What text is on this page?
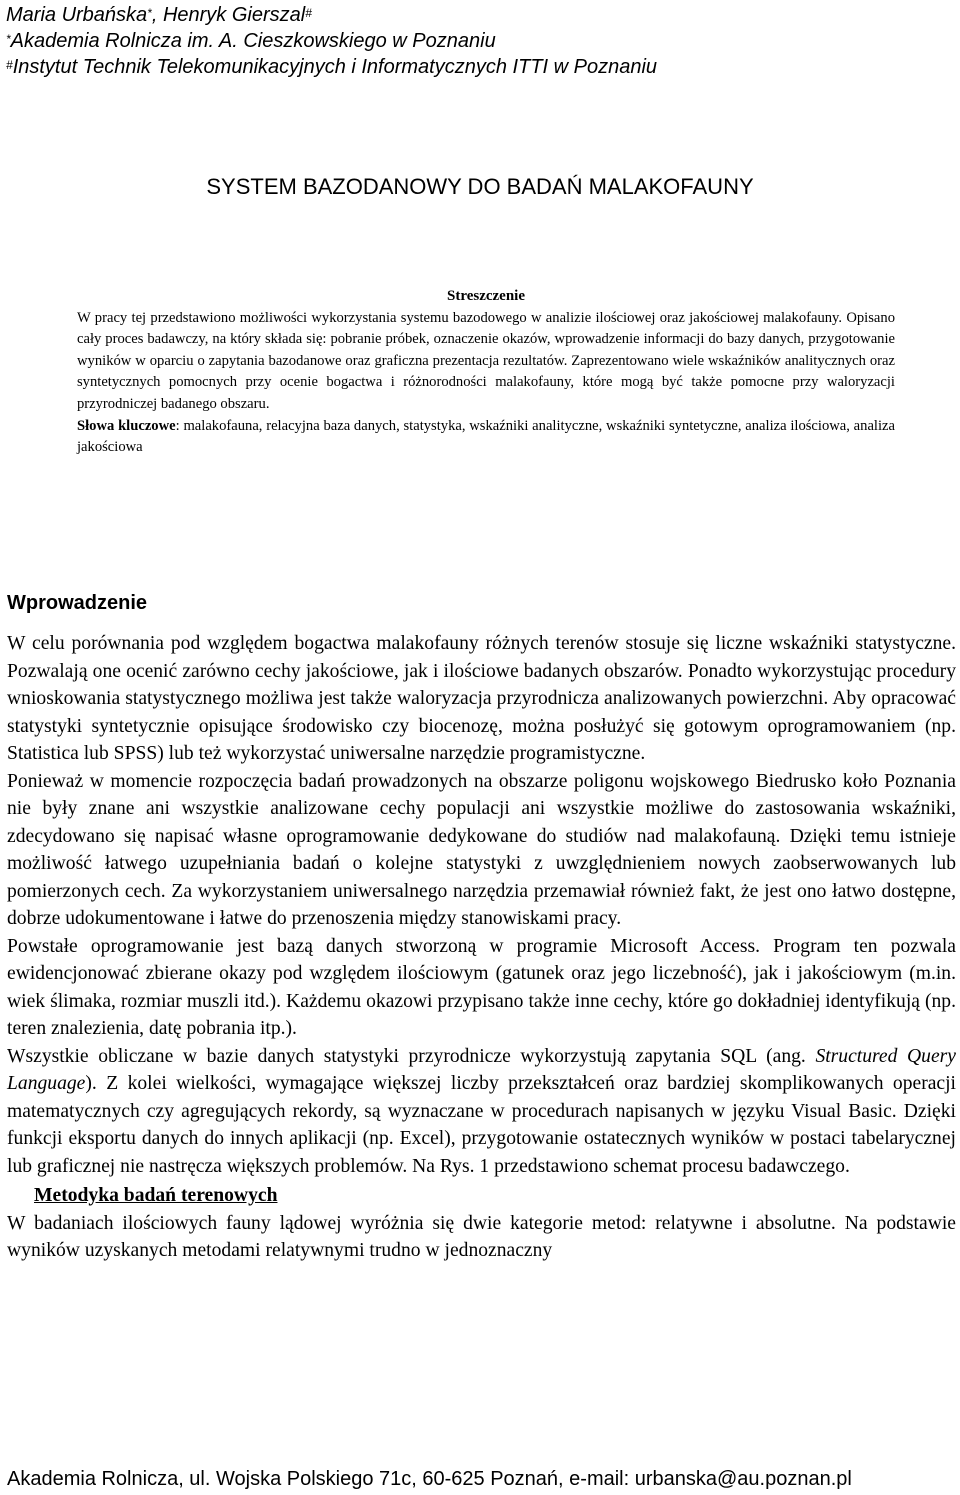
Maria Urbańska*, Henryk Gierszal#
*Akademia Rolnicza im. A. Cieszkowskiego w Poznaniu
#Instytut Technik Telekomunikacyjnych i Informatycznych ITTI w Poznaniu
SYSTEM BAZODANOWY DO BADAŃ MALAKOFAUNY
Streszczenie

W pracy tej przedstawiono możliwości wykorzystania systemu bazodowego w analizie ilościowej oraz jakościowej malakofauny. Opisano cały proces badawczy, na który składa się: pobranie próbek, oznaczenie okazów, wprowadzenie informacji do bazy danych, przygotowanie wyników w oparciu o zapytania bazodanowe oraz graficzna prezentacja rezultatów. Zaprezentowano wiele wskaźników analitycznych oraz syntetycznych pomocnych przy ocenie bogactwa i różnorodności malakofauny, które mogą być także pomocne przy waloryzacji przyrodniczej badanego obszaru.

Słowa kluczowe: malakofauna, relacyjna baza danych, statystyka, wskaźniki analityczne, wskaźniki syntetyczne, analiza ilościowa, analiza jakościowa

Wprowadzenie

W celu porównania pod względem bogactwa malakofauny różnych terenów stosuje się liczne wskaźniki statystyczne. Pozwalają one ocenić zarówno cechy jakościowe, jak i ilościowe badanych obszarów. Ponadto wykorzystując procedury wnioskowania statystycznego możliwa jest także waloryzacja przyrodnicza analizowanych powierzchni. Aby opracować statystyki syntetycznie opisujące środowisko czy biocenozę, można posłużyć się gotowym oprogramowaniem (np. Statistica lub SPSS) lub też wykorzystać uniwersalne narzędzie programistyczne.

Ponieważ w momencie rozpoczęcia badań prowadzonych na obszarze poligonu wojskowego Biedrusko koło Poznania nie były znane ani wszystkie analizowane cechy populacji ani wszystkie możliwe do zastosowania wskaźniki, zdecydowano się napisać własne oprogramowanie dedykowane do studiów nad malakofauną. Dzięki temu istnieje możliwość łatwego uzupełniania badań o kolejne statystyki z uwzględnieniem nowych zaobserwowanych lub pomierzonych cech. Za wykorzystaniem uniwersalnego narzędzia przemawiał również fakt, że jest ono łatwo dostępne, dobrze udokumentowane i łatwe do przenoszenia między stanowiskami pracy.

Powstałe oprogramowanie jest bazą danych stworzoną w programie Microsoft Access. Program ten pozwala ewidencjonować zbierane okazy pod względem ilościowym (gatunek oraz jego liczebność), jak i jakościowym (m.in. wiek ślimaka, rozmiar muszli itd.). Każdemu okazowi przypisano także inne cechy, które go dokładniej identyfikują (np. teren znalezienia, datę pobrania itp.).

Wszystkie obliczane w bazie danych statystyki przyrodnicze wykorzystują zapytania SQL (ang. Structured Query Language). Z kolei wielkości, wymagające większej liczby przekształceń oraz bardziej skomplikowanych operacji matematycznych czy agregujących rekordy, są wyznaczane w procedurach napisanych w języku Visual Basic. Dzięki funkcji eksportu danych do innych aplikacji (np. Excel), przygotowanie ostatecznych wyników w postaci tabelarycznej lub graficznej nie nastręcza większych problemów. Na Rys. 1 przedstawiono schemat procesu badawczego.

Metodyka badań terenowych

W badaniach ilościowych fauny lądowej wyróżnia się dwie kategorie metod: relatywne i absolutne. Na podstawie wyników uzyskanych metodami relatywnymi trudno w jednoznaczny

Akademia Rolnicza, ul. Wojska Polskiego 71c, 60-625 Poznań, e-mail: urbanska@au.poznan.pl
